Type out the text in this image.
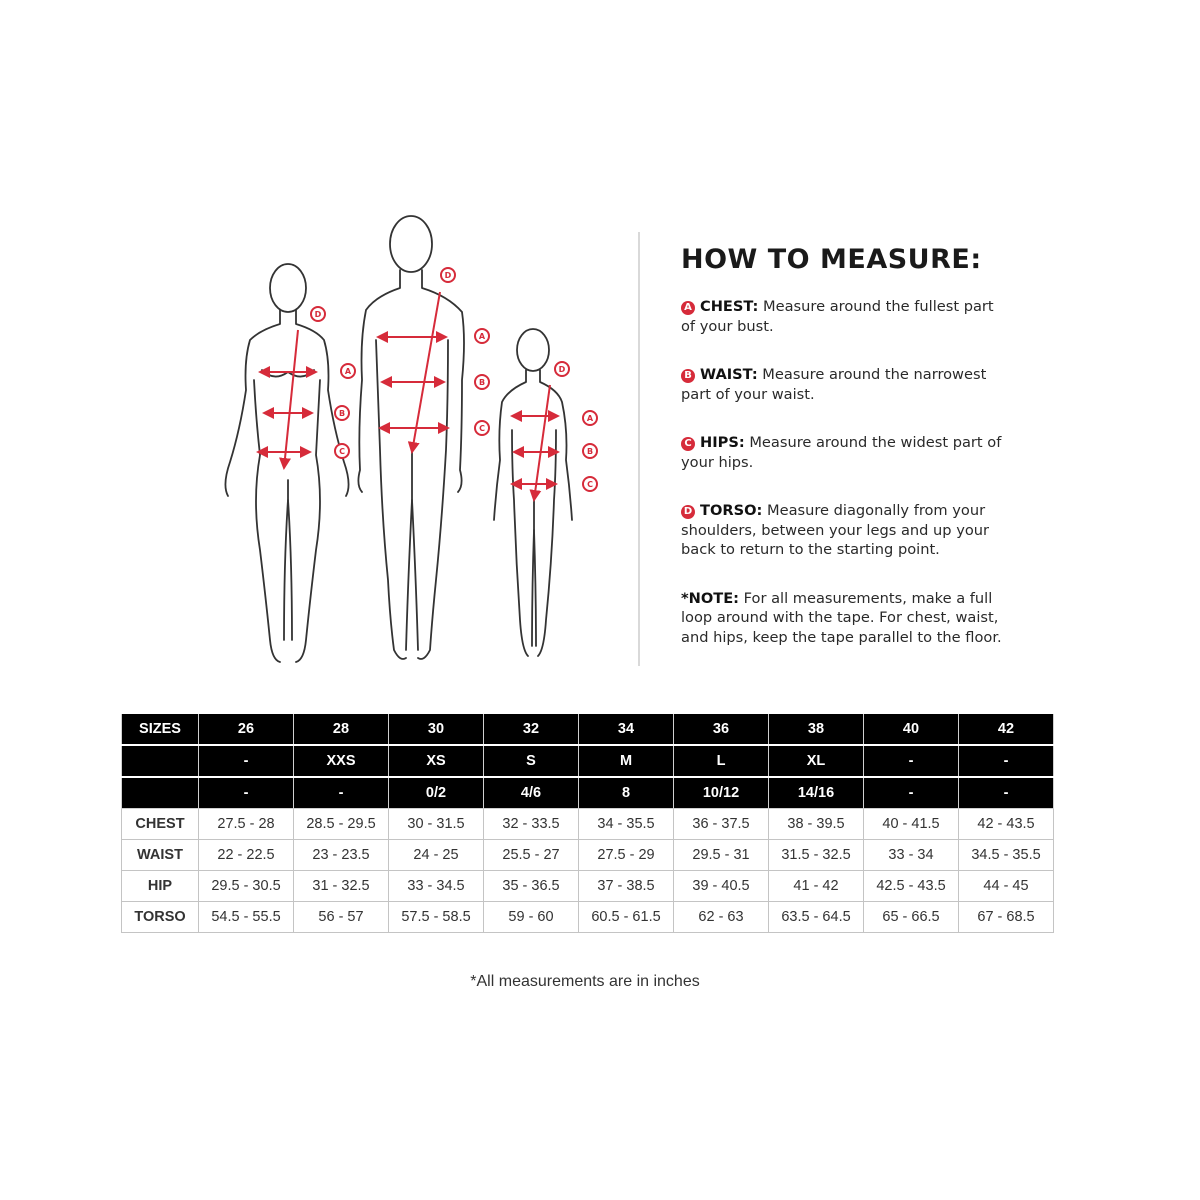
D
A
B
C
D
A
B
C
D
A
B
C
HOW TO MEASURE:
A CHEST: Measure around the fullest part of your bust.
B WAIST: Measure around the narrowest part of your waist.
C HIPS: Measure around the widest part of your hips.
D TORSO: Measure diagonally from your shoulders, between your legs and up your back to return to the starting point.
*NOTE: For all measurements, make a full loop around with the tape. For chest, waist, and hips, keep the tape parallel to the floor.
SIZES	26	28	30	32	34	36	38	40	42
	-	XXS	XS	S	M	L	XL	-	-
	-	-	0/2	4/6	8	10/12	14/16	-	-
CHEST	27.5 - 28	28.5 - 29.5	30 - 31.5	32 - 33.5	34 - 35.5	36 - 37.5	38 - 39.5	40 - 41.5	42 - 43.5
WAIST	22 - 22.5	23 - 23.5	24 - 25	25.5 - 27	27.5 - 29	29.5 - 31	31.5 - 32.5	33 - 34	34.5 - 35.5
HIP	29.5 - 30.5	31 - 32.5	33 - 34.5	35 - 36.5	37 - 38.5	39 - 40.5	41 - 42	42.5 - 43.5	44 - 45
TORSO	54.5 - 55.5	56 - 57	57.5 - 58.5	59 - 60	60.5 - 61.5	62 - 63	63.5 - 64.5	65 - 66.5	67 - 68.5
*All measurements are in inches
